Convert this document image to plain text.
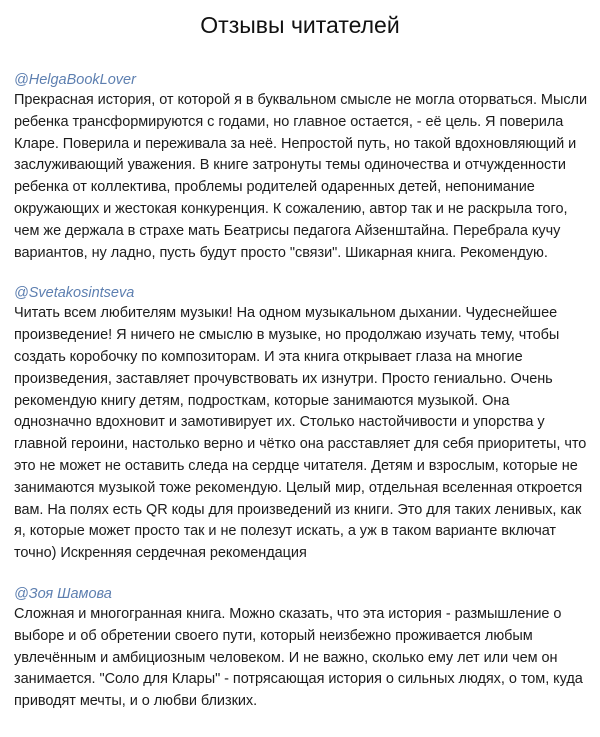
Отзывы читателей
@HelgaBookLover

Прекрасная история, от которой я в буквальном смысле не могла оторваться. Мысли ребенка трансформируются с годами, но главное остается, - её цель. Я поверила Кларе. Поверила и переживала за неё. Непростой путь, но такой вдохновляющий и заслуживающий уважения. В книге затронуты темы одиночества и отчужденности ребенка от коллектива, проблемы родителей одаренных детей, непонимание окружающих и жестокая конкуренция. К сожалению, автор так и не раскрыла того, чем же держала в страхе мать Беатрисы педагога Айзенштайна. Перебрала кучу вариантов, ну ладно, пусть будут просто "связи". Шикарная книга. Рекомендую.

@Svetakosintseva

Читать всем любителям музыки! На одном музыкальном дыхании. Чудеснейшее произведение! Я ничего не смыслю в музыке, но продолжаю изучать тему, чтобы создать коробочку по композиторам. И эта книга открывает глаза на многие произведения, заставляет прочувствовать их изнутри. Просто гениально. Очень рекомендую книгу детям, подросткам, которые занимаются музыкой. Она однозначно вдохновит и замотивирует их. Столько настойчивости и упорства у главной героини, настолько верно и чётко она расставляет для себя приоритеты, что это не может не оставить следа на сердце читателя. Детям и взрослым, которые не занимаются музыкой тоже рекомендую. Целый мир, отдельная вселенная откроется вам. На полях есть QR коды для произведений из книги. Это для таких ленивых, как я, которые может просто так и не полезут искать, а уж в таком варианте включат точно) Искренняя сердечная рекомендация

@Зоя Шамова

Сложная и многогранная книга. Можно сказать, что эта история - размышление о выборе и об обретении своего пути, который неизбежно проживается любым увлечённым и амбициозным человеком. И не важно, сколько ему лет или чем он занимается. "Соло для Клары" - потрясающая история о сильных людях, о том, куда приводят мечты, и о любви близких.
